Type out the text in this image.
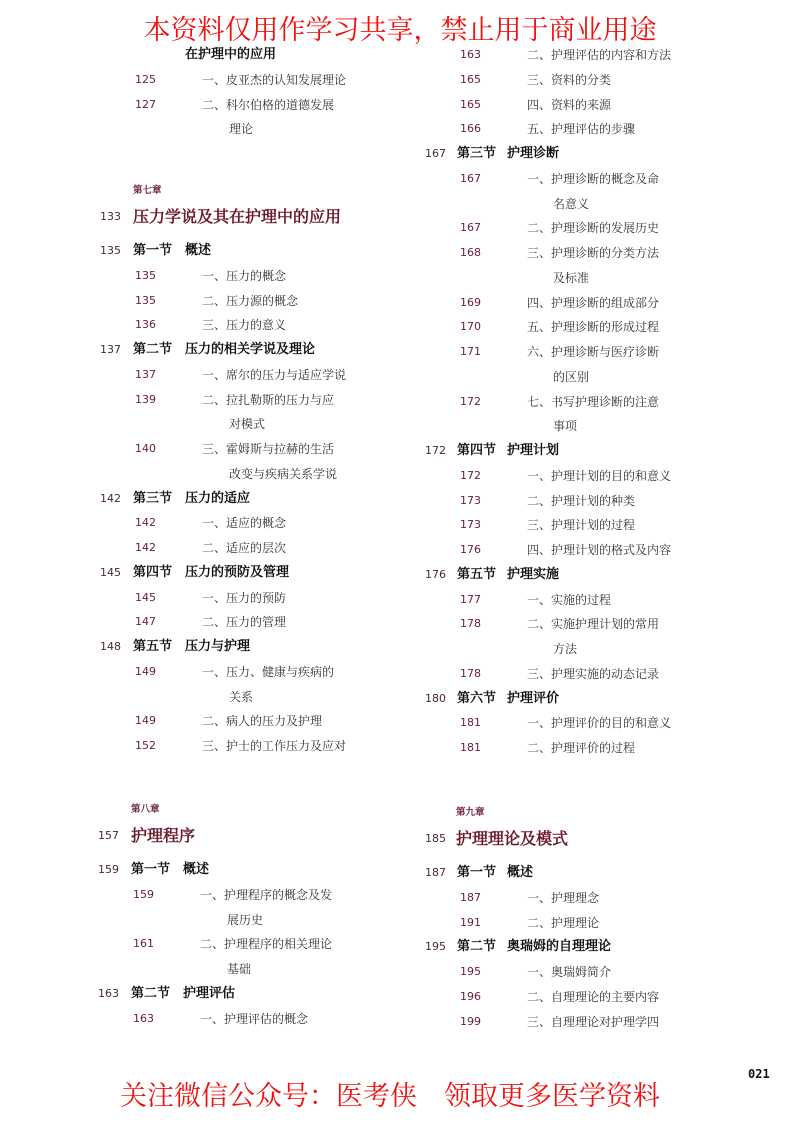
本资料仅用作学习共享，禁止用于商业用途
在护理中的应用
125	一、皮亚杰的认知发展理论
127	二、科尔伯格的道德发展
理论
第七章
133 压力学说及其在护理中的应用
135 第一节 概述
135	一、压力的概念
135	二、压力源的概念
136	三、压力的意义
137 第二节 压力的相关学说及理论
137	一、席尔的压力与适应学说
139	二、拉扎勒斯的压力与应
对模式
140	三、霍姆斯与拉赫的生活
改变与疾病关系学说
142 第三节 压力的适应
142	一、适应的概念
142	二、适应的层次
145 第四节 压力的预防及管理
145	一、压力的预防
147	二、压力的管理
148 第五节 压力与护理
149	一、压力、健康与疾病的
关系
149	二、病人的压力及护理
152	三、护士的工作压力及应对
第八章
157 护理程序
159 第一节 概述
159	一、护理程序的概念及发
展历史
161	二、护理程序的相关理论
基础
163 第二节 护理评估
163	一、护理评估的概念
163	二、护理评估的内容和方法
165	三、资料的分类
165	四、资料的来源
166	五、护理评估的步骤
167 第三节 护理诊断
167	一、护理诊断的概念及命
名意义
167	二、护理诊断的发展历史
168	三、护理诊断的分类方法
及标准
169	四、护理诊断的组成部分
170	五、护理诊断的形成过程
171	六、护理诊断与医疗诊断
的区别
172	七、书写护理诊断的注意
事项
172 第四节 护理计划
172	一、护理计划的目的和意义
173	二、护理计划的种类
173	三、护理计划的过程
176	四、护理计划的格式及内容
176 第五节 护理实施
177	一、实施的过程
178	二、实施护理计划的常用
方法
178	三、护理实施的动态记录
180 第六节 护理评价
181	一、护理评价的目的和意义
181	二、护理评价的过程
第九章
185 护理理论及模式
187 第一节 概述
187	一、护理理念
191	二、护理理论
195 第二节 奥瑞姆的自理理论
195	一、奥瑞姆简介
196	二、自理理论的主要内容
199	三、自理理论对护理学四
021
关注微信公众号：医考侠　领取更多医学资料
